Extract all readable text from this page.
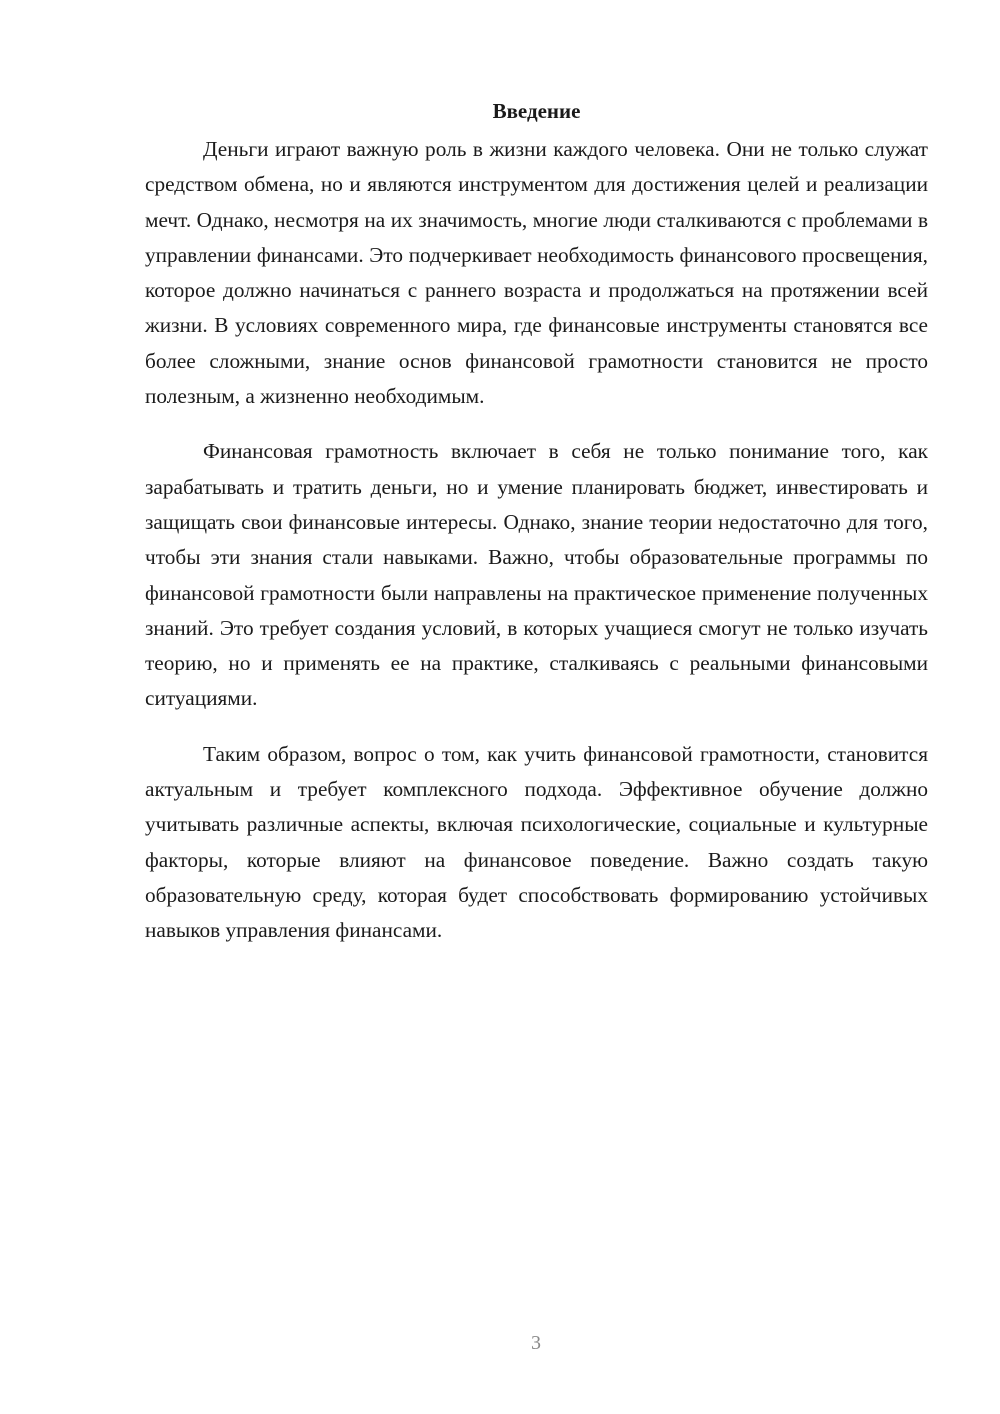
Введение

Деньги играют важную роль в жизни каждого человека. Они не только служат средством обмена, но и являются инструментом для достижения целей и реализации мечт. Однако, несмотря на их значимость, многие люди сталкиваются с проблемами в управлении финансами. Это подчеркивает необходимость финансового просвещения, которое должно начинаться с раннего возраста и продолжаться на протяжении всей жизни. В условиях современного мира, где финансовые инструменты становятся все более сложными, знание основ финансовой грамотности становится не просто полезным, а жизненно необходимым.

Финансовая грамотность включает в себя не только понимание того, как зарабатывать и тратить деньги, но и умение планировать бюджет, инвестировать и защищать свои финансовые интересы. Однако, знание теории недостаточно для того, чтобы эти знания стали навыками. Важно, чтобы образовательные программы по финансовой грамотности были направлены на практическое применение полученных знаний. Это требует создания условий, в которых учащиеся смогут не только изучать теорию, но и применять ее на практике, сталкиваясь с реальными финансовыми ситуациями.

Таким образом, вопрос о том, как учить финансовой грамотности, становится актуальным и требует комплексного подхода. Эффективное обучение должно учитывать различные аспекты, включая психологические, социальные и культурные факторы, которые влияют на финансовое поведение. Важно создать такую образовательную среду, которая будет способствовать формированию устойчивых навыков управления финансами.

3
